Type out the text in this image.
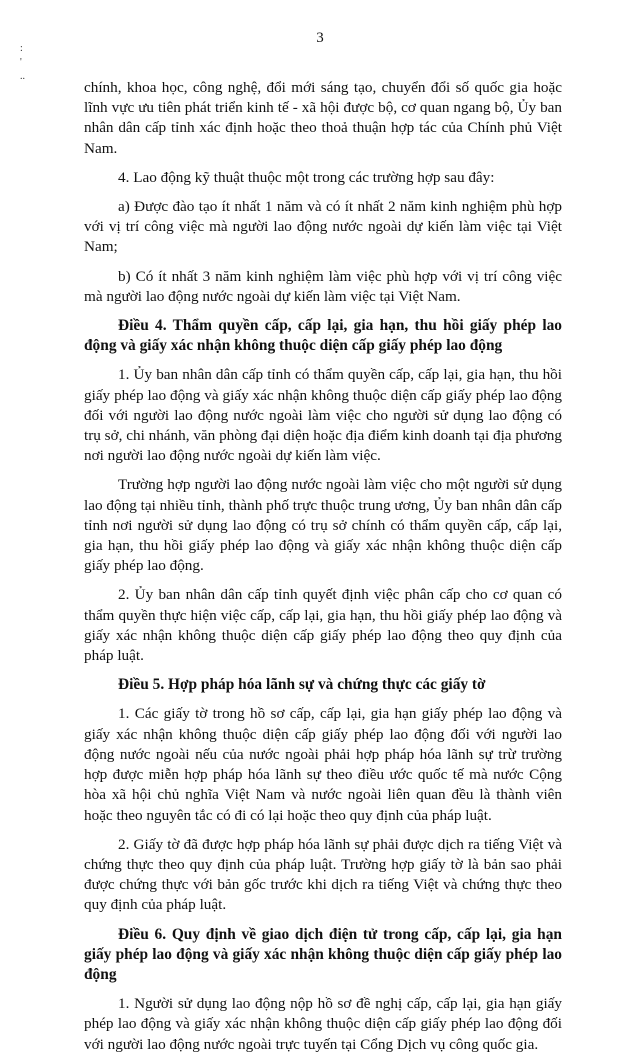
3
:
'
..

chính, khoa học, công nghệ, đổi mới sáng tạo, chuyển đổi số quốc gia hoặc lĩnh vực ưu tiên phát triển kinh tế - xã hội được bộ, cơ quan ngang bộ, Ủy ban nhân dân cấp tỉnh xác định hoặc theo thoả thuận hợp tác của Chính phủ Việt Nam.

4. Lao động kỹ thuật thuộc một trong các trường hợp sau đây:

a) Được đào tạo ít nhất 1 năm và có ít nhất 2 năm kinh nghiệm phù hợp với vị trí công việc mà người lao động nước ngoài dự kiến làm việc tại Việt Nam;

b) Có ít nhất 3 năm kinh nghiệm làm việc phù hợp với vị trí công việc mà người lao động nước ngoài dự kiến làm việc tại Việt Nam.

Điều 4. Thẩm quyền cấp, cấp lại, gia hạn, thu hồi giấy phép lao động và giấy xác nhận không thuộc diện cấp giấy phép lao động

1. Ủy ban nhân dân cấp tỉnh có thẩm quyền cấp, cấp lại, gia hạn, thu hồi giấy phép lao động và giấy xác nhận không thuộc diện cấp giấy phép lao động đối với người lao động nước ngoài làm việc cho người sử dụng lao động có trụ sở, chi nhánh, văn phòng đại diện hoặc địa điểm kinh doanh tại địa phương nơi người lao động nước ngoài dự kiến làm việc.

Trường hợp người lao động nước ngoài làm việc cho một người sử dụng lao động tại nhiều tỉnh, thành phố trực thuộc trung ương, Ủy ban nhân dân cấp tỉnh nơi người sử dụng lao động có trụ sở chính có thẩm quyền cấp, cấp lại, gia hạn, thu hồi giấy phép lao động và giấy xác nhận không thuộc diện cấp giấy phép lao động.

2. Ủy ban nhân dân cấp tỉnh quyết định việc phân cấp cho cơ quan có thẩm quyền thực hiện việc cấp, cấp lại, gia hạn, thu hồi giấy phép lao động và giấy xác nhận không thuộc diện cấp giấy phép lao động theo quy định của pháp luật.

Điều 5. Hợp pháp hóa lãnh sự và chứng thực các giấy tờ

1. Các giấy tờ trong hồ sơ cấp, cấp lại, gia hạn giấy phép lao động và giấy xác nhận không thuộc diện cấp giấy phép lao động đối với người lao động nước ngoài nếu của nước ngoài phải hợp pháp hóa lãnh sự trừ trường hợp được miễn hợp pháp hóa lãnh sự theo điều ước quốc tế mà nước Cộng hòa xã hội chủ nghĩa Việt Nam và nước ngoài liên quan đều là thành viên hoặc theo nguyên tắc có đi có lại hoặc theo quy định của pháp luật.

2. Giấy tờ đã được hợp pháp hóa lãnh sự phải được dịch ra tiếng Việt và chứng thực theo quy định của pháp luật. Trường hợp giấy tờ là bản sao phải được chứng thực với bản gốc trước khi dịch ra tiếng Việt và chứng thực theo quy định của pháp luật.

Điều 6. Quy định về giao dịch điện tử trong cấp, cấp lại, gia hạn giấy phép lao động và giấy xác nhận không thuộc diện cấp giấy phép lao động

1. Người sử dụng lao động nộp hồ sơ đề nghị cấp, cấp lại, gia hạn giấy phép lao động và giấy xác nhận không thuộc diện cấp giấy phép lao động đối với người lao động nước ngoài trực tuyến tại Cổng Dịch vụ công quốc gia.
